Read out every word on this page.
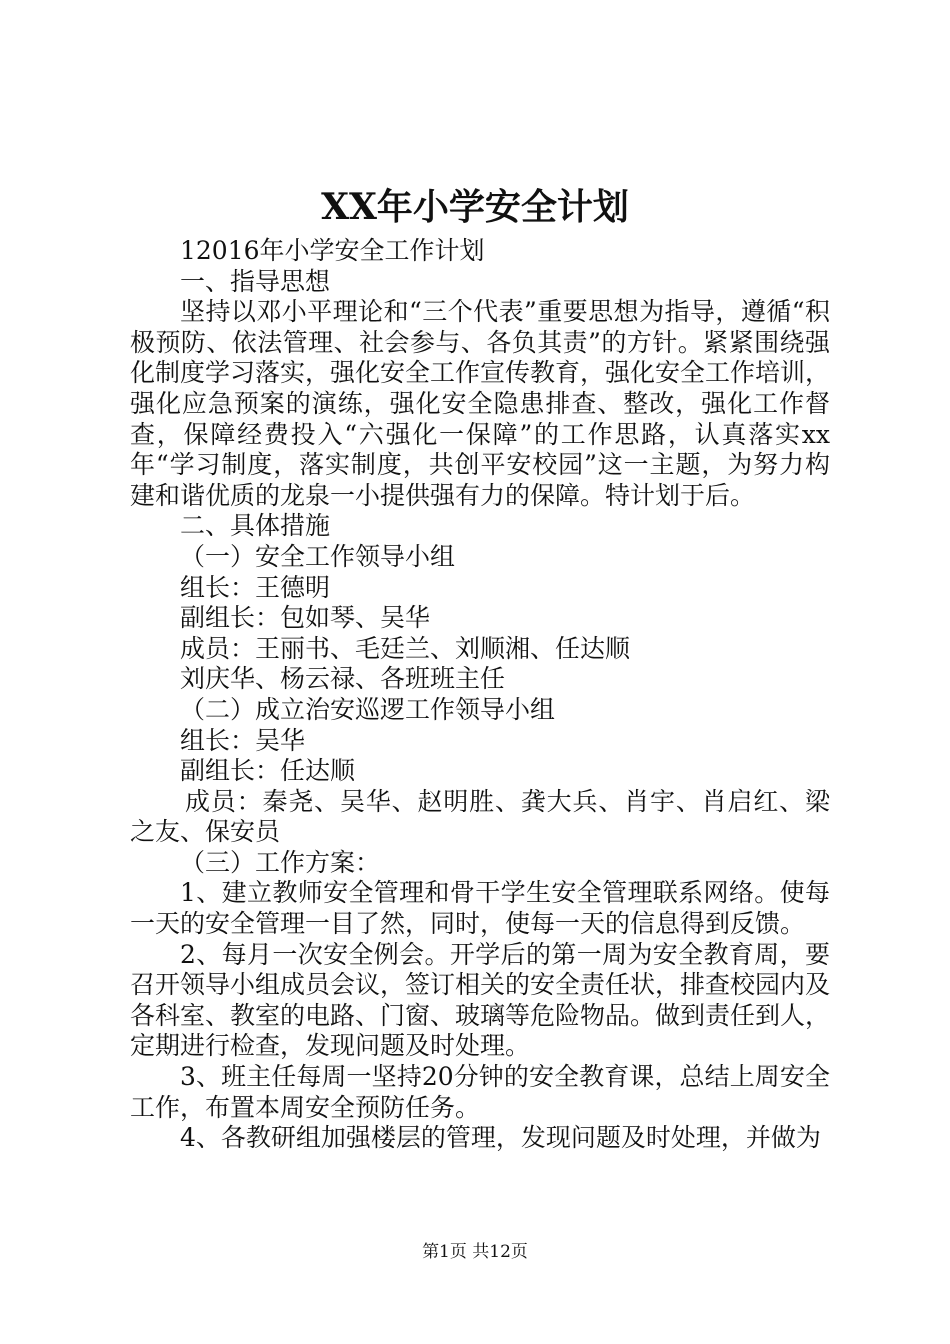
XX年小学安全计划

12016年小学安全工作计划

一、指导思想

坚持以邓小平理论和“三个代表”重要思想为指导，遵循“积极预防、依法管理、社会参与、各负其责”的方针。紧紧围绕强化制度学习落实，强化安全工作宣传教育，强化安全工作培训，强化应急预案的演练，强化安全隐患排查、整改，强化工作督查，保障经费投入“六强化一保障”的工作思路，认真落实xx年“学习制度，落实制度，共创平安校园”这一主题，为努力构建和谐优质的龙泉一小提供强有力的保障。特计划于后。

二、具体措施

（一）安全工作领导小组

组长：王德明

副组长：包如琴、吴华

成员：王丽书、毛廷兰、刘顺湘、任达顺

刘庆华、杨云禄、各班班主任

（二）成立治安巡逻工作领导小组

组长：吴华

副组长：任达顺

成员：秦尧、吴华、赵明胜、龚大兵、肖宇、肖启红、梁之友、保安员

（三）工作方案：

1、建立教师安全管理和骨干学生安全管理联系网络。使每一天的安全管理一目了然，同时，使每一天的信息得到反馈。

2、每月一次安全例会。开学后的第一周为安全教育周，要召开领导小组成员会议，签订相关的安全责任状，排查校园内及各科室、教室的电路、门窗、玻璃等危险物品。做到责任到人，定期进行检查，发现问题及时处理。

3、班主任每周一坚持20分钟的安全教育课，总结上周安全工作，布置本周安全预防任务。

4、各教研组加强楼层的管理，发现问题及时处理，并做为

第1页 共12页
